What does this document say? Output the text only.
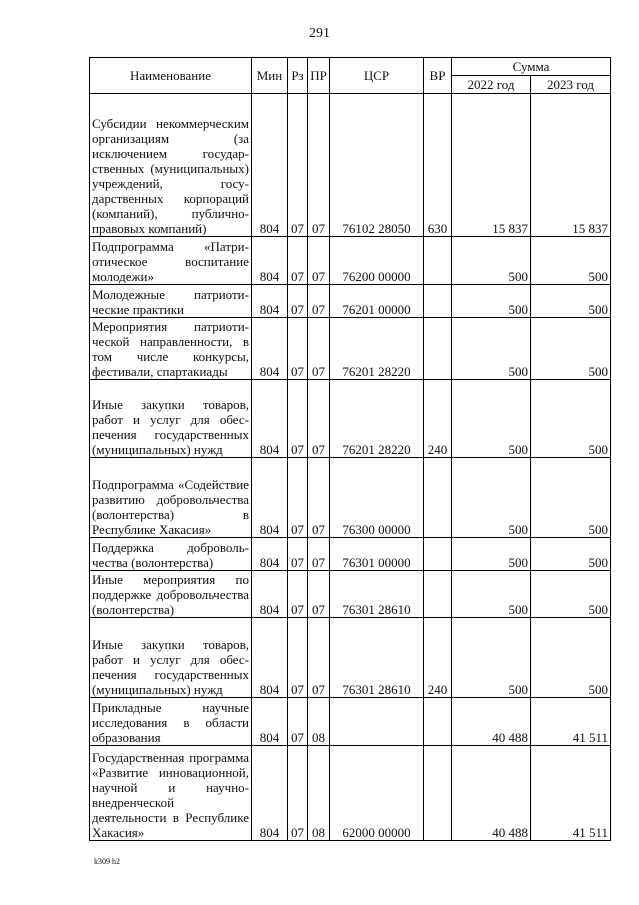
291
Наименование	Мин	Рз	ПР	ЦСР	ВР	Сумма	
						2022 год	2023 год
Субсидии некоммерческим организациям (за исключением государственных (муниципальных) учреждений, государственных корпораций (компаний), публично-правовых компаний)	804	07	07	76102 28050	630	15 837	15 837
Подпрограмма «Патриотическое воспитание молодежи»	804	07	07	76200 00000		500	500
Молодежные патриотические практики	804	07	07	76201 00000		500	500
Мероприятия патриотической направленности, в том числе конкурсы, фестивали, спартакиады	804	07	07	76201 28220		500	500
Иные закупки товаров, работ и услуг для обеспечения государственных (муниципальных) нужд	804	07	07	76201 28220	240	500	500
Подпрограмма «Содействие развитию добровольчества (волонтерства) в Республике Хакасия»	804	07	07	76300 00000		500	500
Поддержка добровольчества (волонтерства)	804	07	07	76301 00000		500	500
Иные мероприятия по поддержке добровольчества (волонтерства)	804	07	07	76301 28610		500	500
Иные закупки товаров, работ и услуг для обеспечения государственных (муниципальных) нужд	804	07	07	76301 28610	240	500	500
Прикладные научные исследования в области образования	804	07	08			40 488	41 511
Государственная программа «Развитие инновационной, научной и научно-внедренческой деятельности в Республике Хакасия»	804	07	08	62000 00000		40 488	41 511
k309 h2
